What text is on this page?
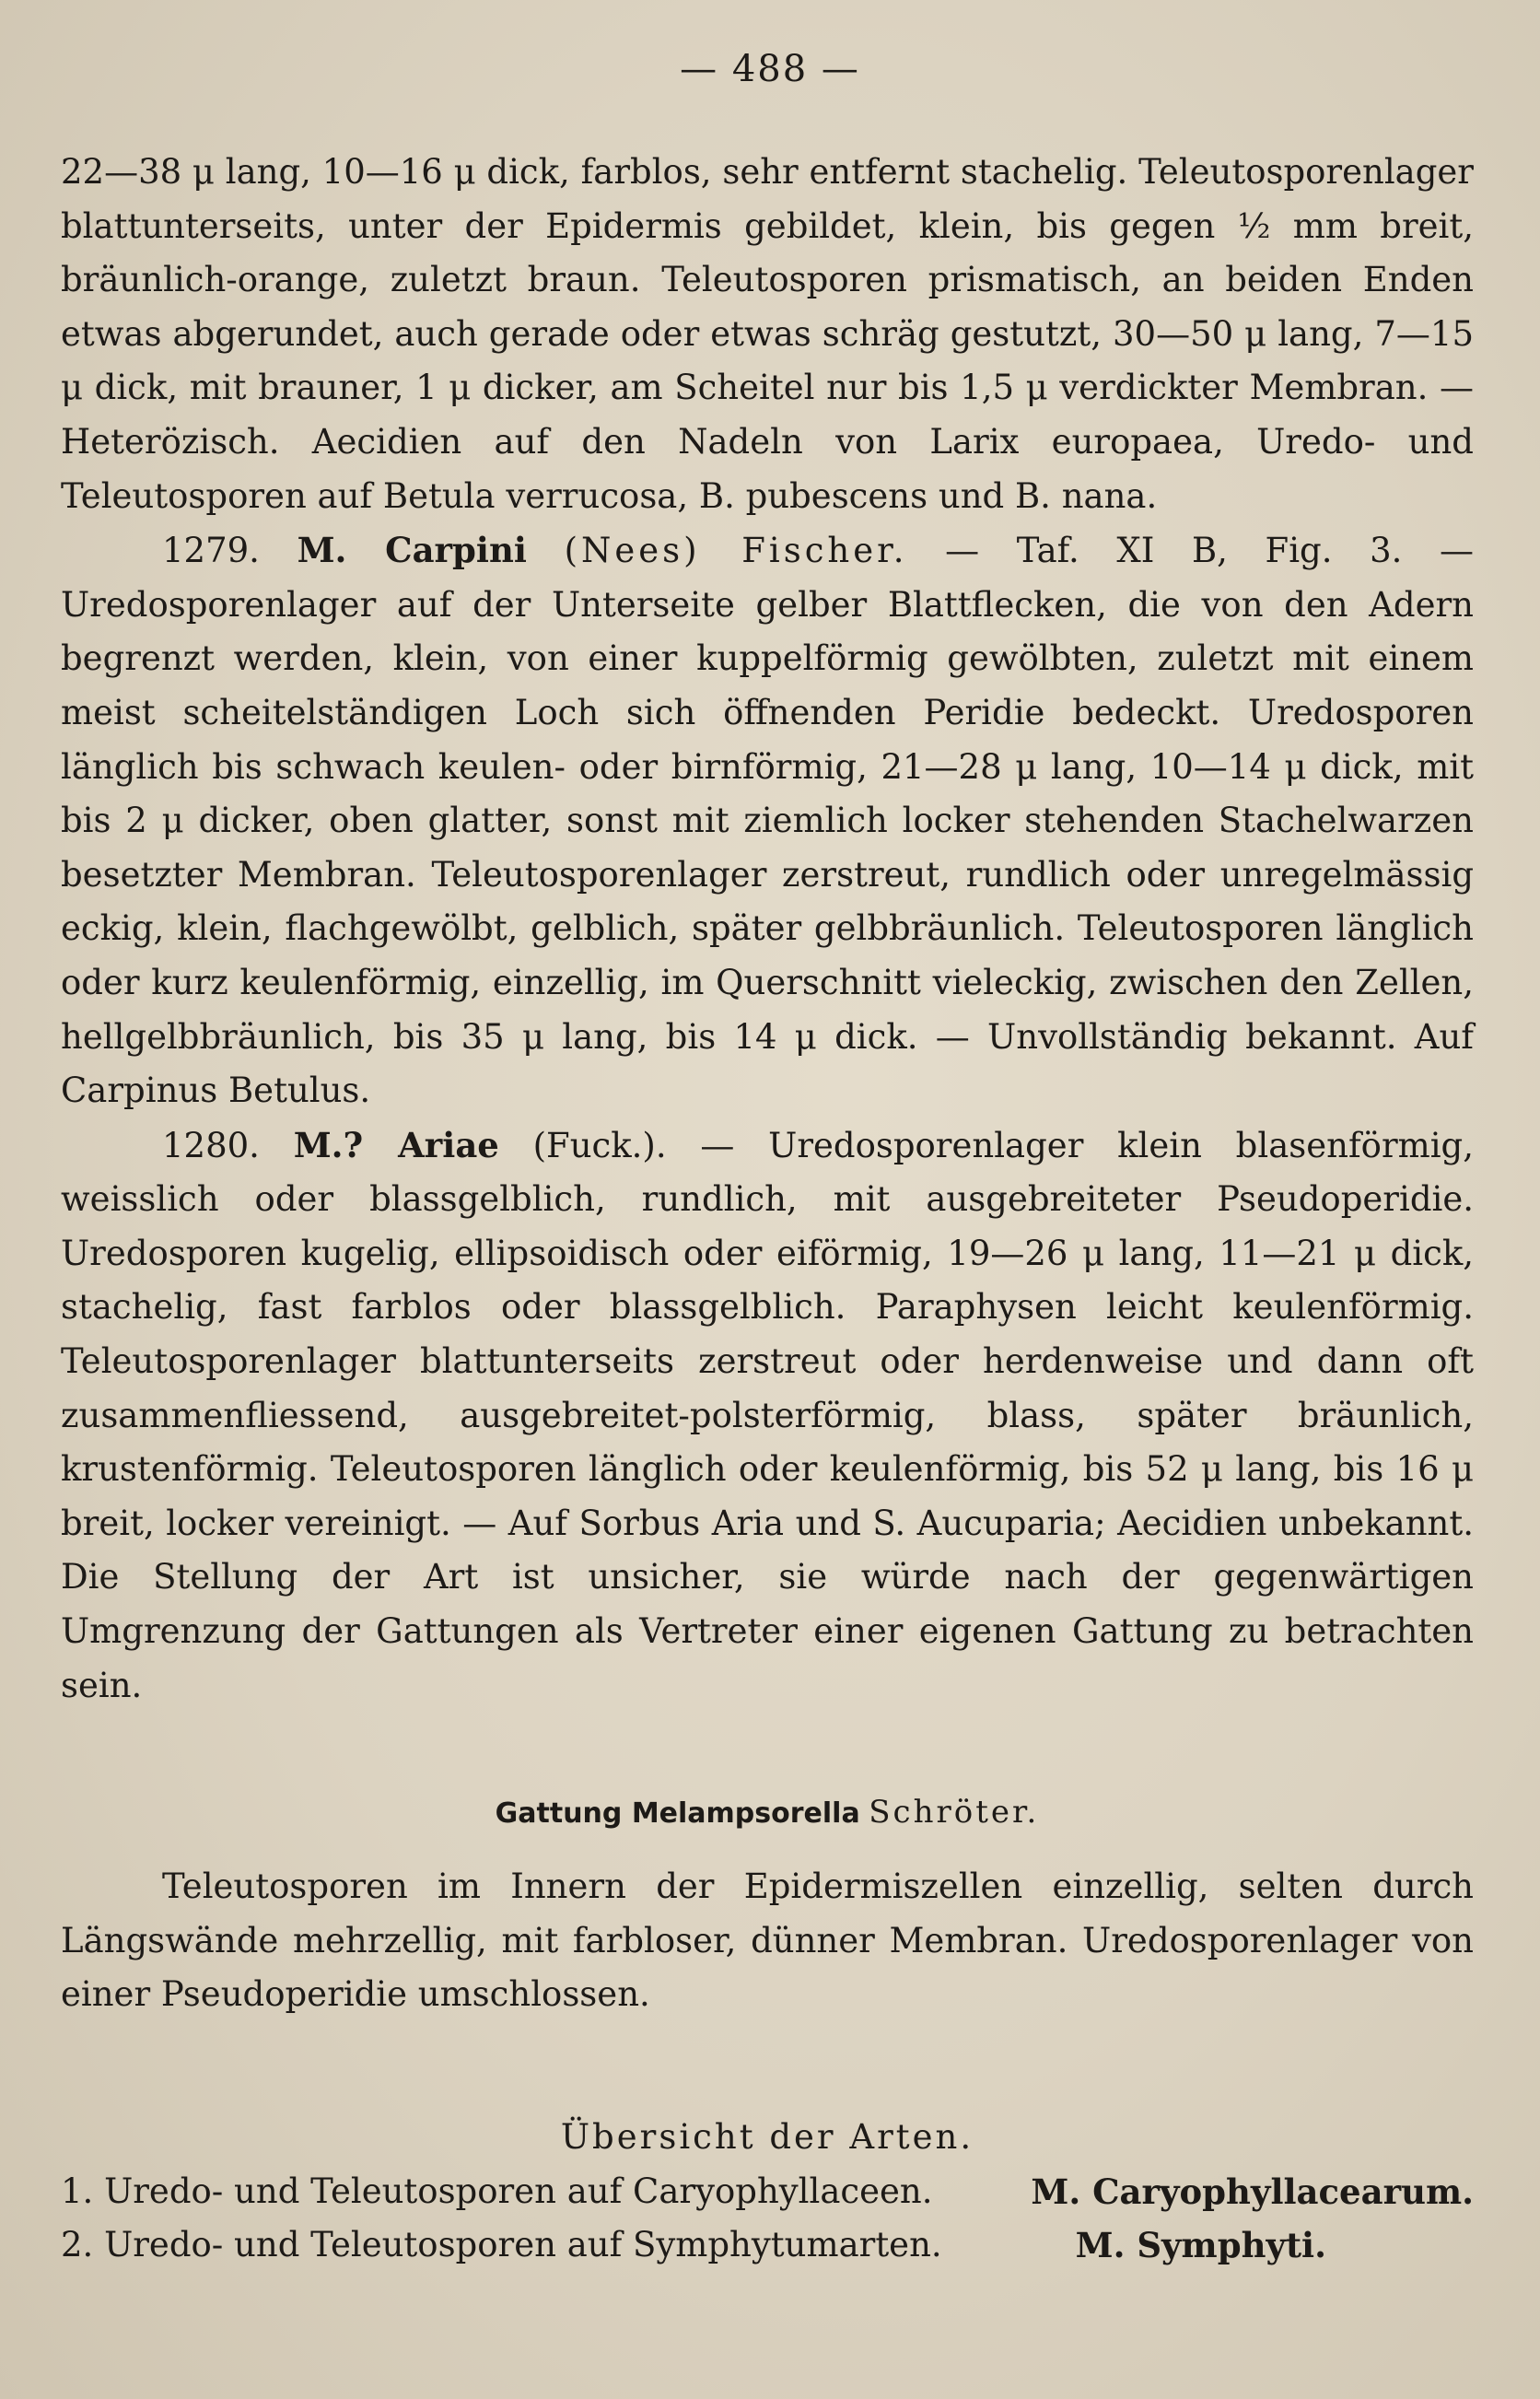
— 488 —

22—38 μ lang, 10—16 μ dick, farblos, sehr entfernt stachelig. Teleutosporenlager blattunterseits, unter der Epidermis gebildet, klein, bis gegen ½ mm breit, bräunlich-orange, zuletzt braun. Teleutosporen prismatisch, an beiden Enden etwas abgerundet, auch gerade oder etwas schräg gestutzt, 30—50 μ lang, 7—15 μ dick, mit brauner, 1 μ dicker, am Scheitel nur bis 1,5 μ verdickter Membran. — Heterözisch. Aecidien auf den Nadeln von Larix europaea, Uredo- und Teleutosporen auf Betula verrucosa, B. pubescens und B. nana.

1279. M. Carpini (Nees) Fischer. — Taf. XI B, Fig. 3. — Uredosporenlager auf der Unterseite gelber Blattflecken, die von den Adern begrenzt werden, klein, von einer kuppelförmig gewölbten, zuletzt mit einem meist scheitelständigen Loch sich öffnenden Peridie bedeckt. Uredosporen länglich bis schwach keulen- oder birnförmig, 21—28 μ lang, 10—14 μ dick, mit bis 2 μ dicker, oben glatter, sonst mit ziemlich locker stehenden Stachelwarzen besetzter Membran. Teleutosporenlager zerstreut, rundlich oder unregelmässig eckig, klein, flachgewölbt, gelblich, später gelbbräunlich. Teleutosporen länglich oder kurz keulenförmig, einzellig, im Querschnitt vieleckig, zwischen den Zellen, hellgelbbräunlich, bis 35 μ lang, bis 14 μ dick. — Unvollständig bekannt. Auf Carpinus Betulus.

1280. M.? Ariae (Fuck.). — Uredosporenlager klein blasenförmig, weisslich oder blassgelblich, rundlich, mit ausgebreiteter Pseudoperidie. Uredosporen kugelig, ellipsoidisch oder eiförmig, 19—26 μ lang, 11—21 μ dick, stachelig, fast farblos oder blassgelblich. Paraphysen leicht keulenförmig. Teleutosporenlager blattunterseits zerstreut oder herdenweise und dann oft zusammenfliessend, ausgebreitet-polsterförmig, blass, später bräunlich, krustenförmig. Teleutosporen länglich oder keulenförmig, bis 52 μ lang, bis 16 μ breit, locker vereinigt. — Auf Sorbus Aria und S. Aucuparia; Aecidien unbekannt. Die Stellung der Art ist unsicher, sie würde nach der gegenwärtigen Umgrenzung der Gattungen als Vertreter einer eigenen Gattung zu betrachten sein.

Gattung Melampsorella Schröter.

Teleutosporen im Innern der Epidermiszellen einzellig, selten durch Längswände mehrzellig, mit farbloser, dünner Membran. Uredosporenlager von einer Pseudoperidie umschlossen.

Übersicht der Arten.

1. Uredo- und Teleutosporen auf Caryophyllaceen.	M. Caryophyllacearum.
2. Uredo- und Teleutosporen auf Symphytumarten.	M. Symphyti.
